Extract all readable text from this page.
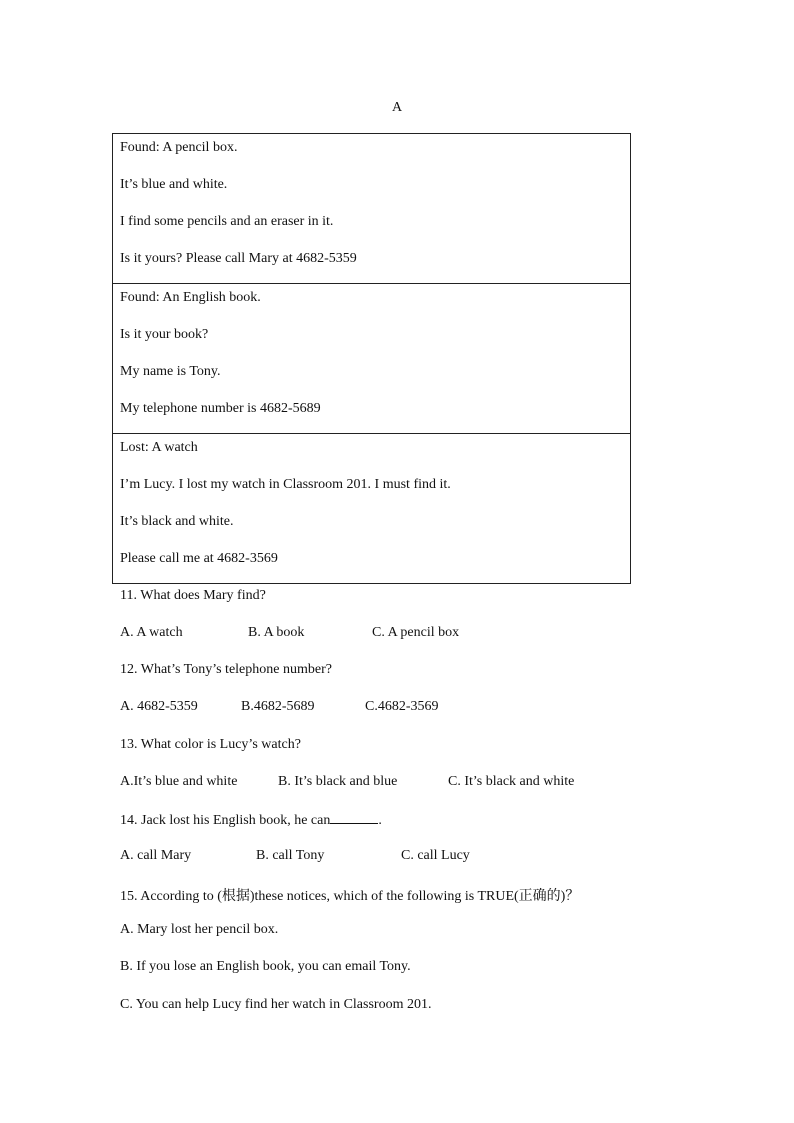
A
Found: A pencil box.
It’s blue and white.
I find some pencils and an eraser in it.
Is it yours? Please call Mary at 4682-5359
Found: An English book.
Is it your book?
My name is Tony.
My telephone number is 4682-5689
Lost: A watch
I’m Lucy. I lost my watch in Classroom 201. I must find it.
It’s black and white.
Please call me at 4682-3569
11. What does Mary find?
A. A watch	B. A book	C. A pencil box
12. What’s Tony’s telephone number?
A. 4682-5359	B.4682-5689	C.4682-3569
13. What color is Lucy’s watch?
A.It’s blue and white	B. It’s black and blue	C. It’s black and white
14. Jack lost his English book, he can	.
A. call Mary	B. call Tony	C. call Lucy
15. According to (根据)these notices, which of the following is TRUE(正确的)？
A. Mary lost her pencil box.
B. If you lose an English book, you can email Tony.
C. You can help Lucy find her watch in Classroom 201.
